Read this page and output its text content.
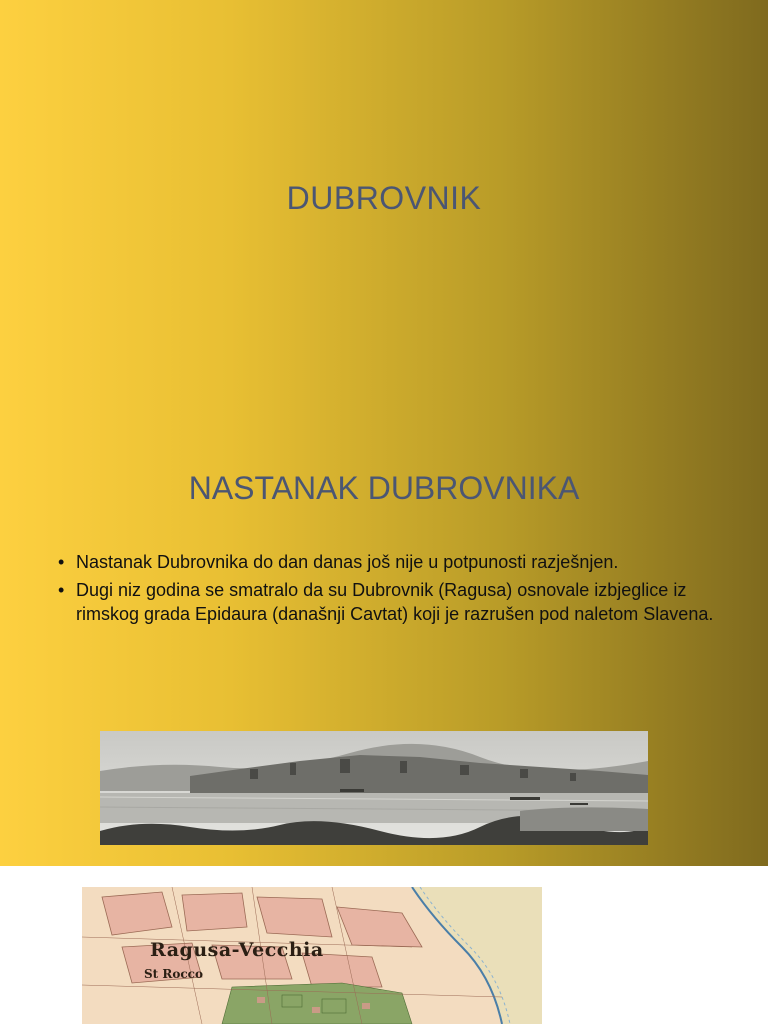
DUBROVNIK
NASTANAK DUBROVNIKA
• Nastanak Dubrovnika do dan danas još nije u potpunosti razješnjen.
• Dugi niz godina se smatralo da su Dubrovnik (Ragusa) osnovale izbjeglice iz rimskog grada Epidaura (današnji Cavtat) koji je razrušen pod naletom Slavena.
Ragusa-Vecchia
St Rocco
